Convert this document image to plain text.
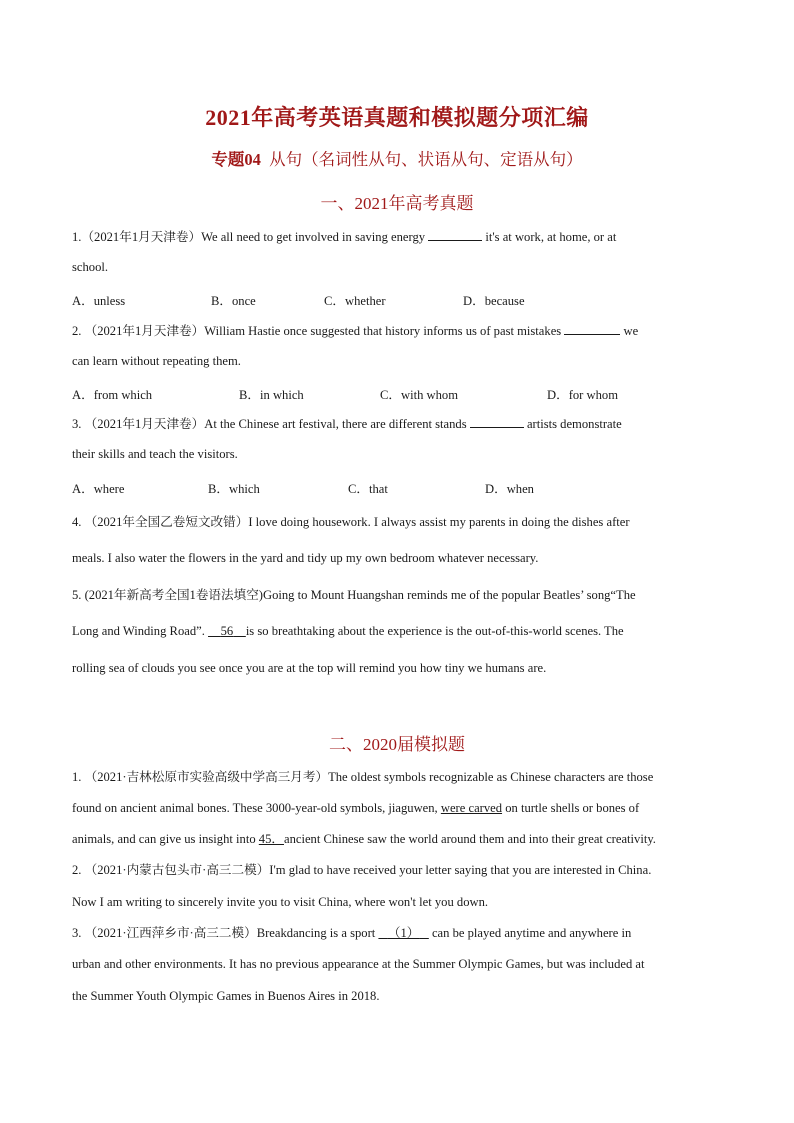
2021年高考英语真题和模拟题分项汇编
专题04 从句（名词性从句、状语从句、定语从句）
一、2021年高考真题
1.（2021年1月天津卷）We all need to get involved in saving energy	it's at work, at home, or at
school.
A．unless	B．once	C．whether	D．because
2. （2021年1月天津卷）William Hastie once suggested that history informs us of past mistakes	we
can learn without repeating them.
A．from which	B．in which	C．with whom	D．for whom
3. （2021年1月天津卷）At the Chinese art festival, there are different stands	artists demonstrate
their skills and teach the visitors.
A．where	B．which	C．that	D．when
4. （2021年全国乙卷短文改错）I love doing housework. I always assist my parents in doing the dishes after
meals. I also water the flowers in the yard and tidy up my own bedroom whatever necessary.
5. (2021年新高考全国1卷语法填空)Going to Mount Huangshan reminds me of the popular Beatles’ song“The
Long and Winding Road”. 56 is so breathtaking about the experience is the out-of-this-world scenes. The
rolling sea of clouds you see once you are at the top will remind you how tiny we humans are.
二、2020届模拟题
1. （2021·吉林松原市实验高级中学高三月考）The oldest symbols recognizable as Chinese characters are those
found on ancient animal bones. These 3000-year-old symbols, jiaguwen, were carved on turtle shells or bones of
animals, and can give us insight into 45．ancient Chinese saw the world around them and into their great creativity.
2. （2021·内蒙古包头市·高三二模）I'm glad to have received your letter saying that you are interested in China.
Now I am writing to sincerely invite you to visit China, where won't let you down.
3. （2021·江西萍乡市·高三二模）Breakdancing is a sport （1） can be played anytime and anywhere in
urban and other environments. It has no previous appearance at the Summer Olympic Games, but was included at
the Summer Youth Olympic Games in Buenos Aires in 2018.
